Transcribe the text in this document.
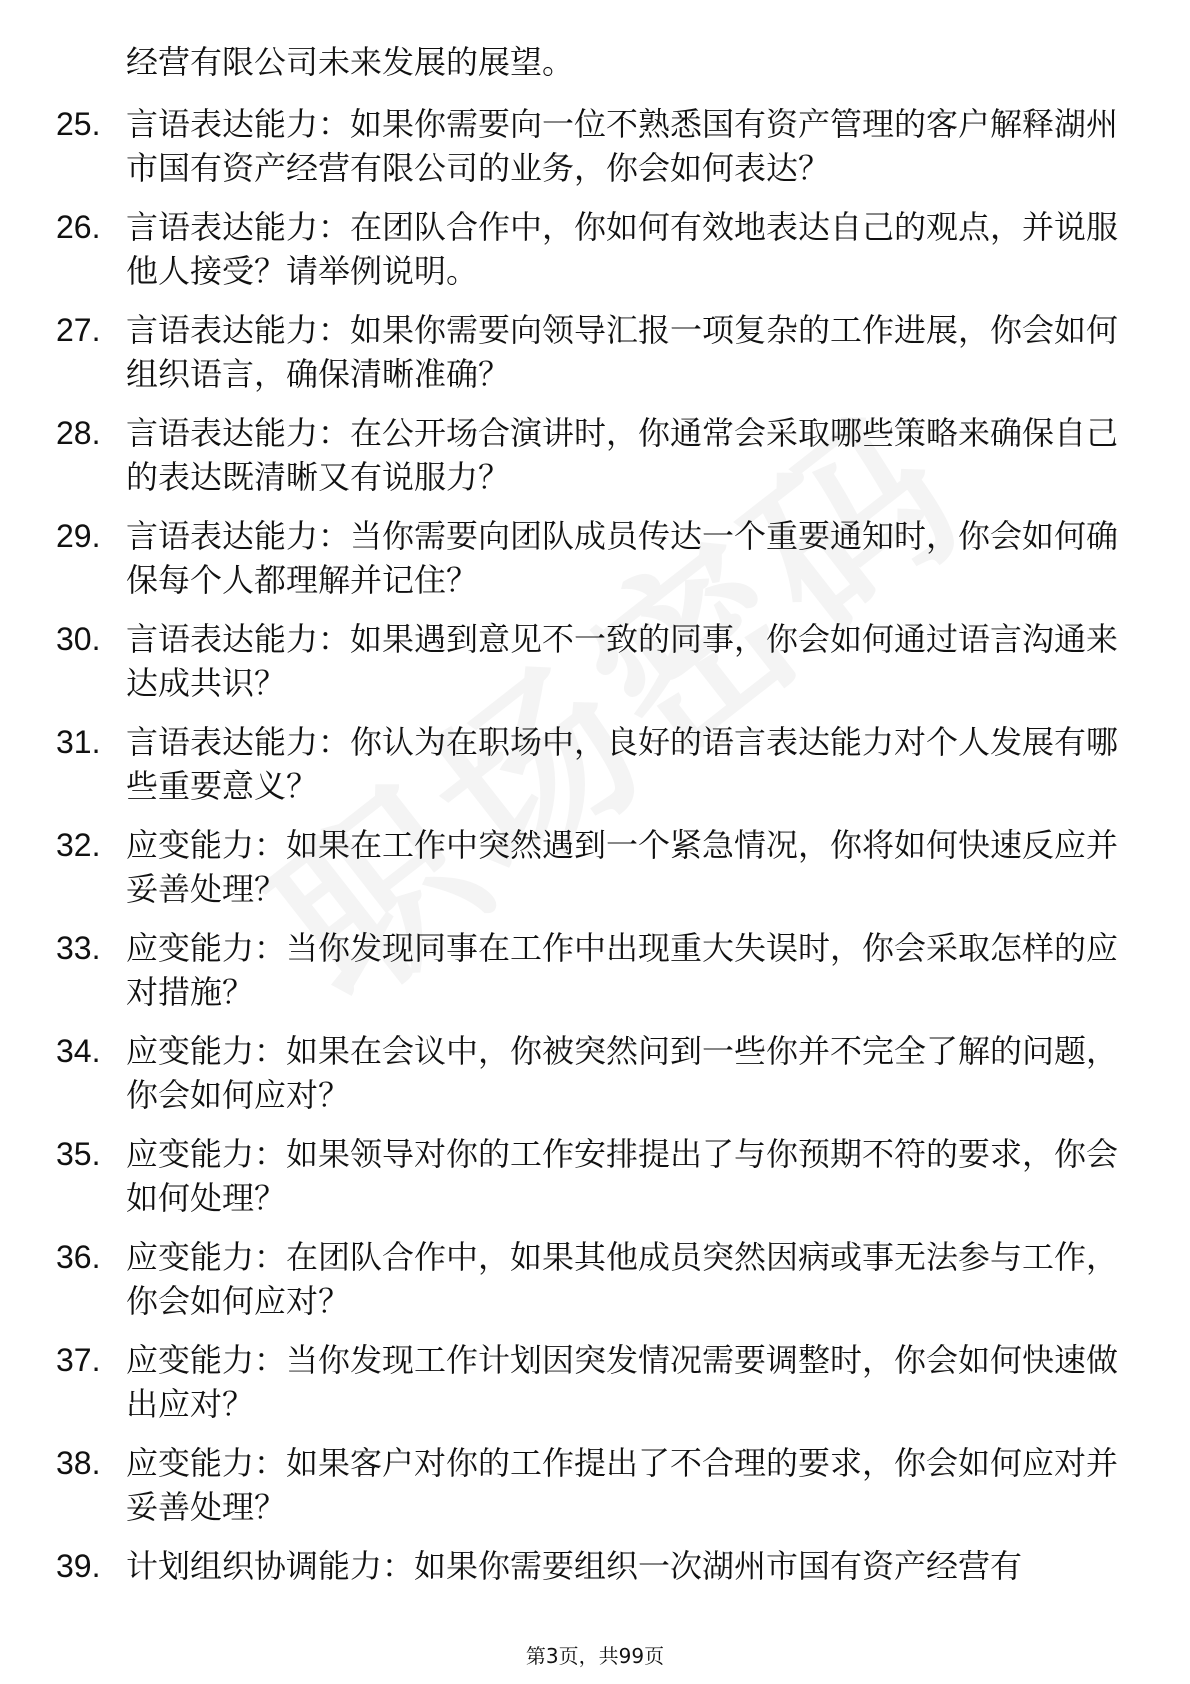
经营有限公司未来发展的展望。
25. 言语表达能力：如果你需要向一位不熟悉国有资产管理的客户解释湖州市国有资产经营有限公司的业务，你会如何表达？
26. 言语表达能力：在团队合作中，你如何有效地表达自己的观点，并说服他人接受？请举例说明。
27. 言语表达能力：如果你需要向领导汇报一项复杂的工作进展，你会如何组织语言，确保清晰准确？
28. 言语表达能力：在公开场合演讲时，你通常会采取哪些策略来确保自己的表达既清晰又有说服力？
29. 言语表达能力：当你需要向团队成员传达一个重要通知时，你会如何确保每个人都理解并记住？
30. 言语表达能力：如果遇到意见不一致的同事，你会如何通过语言沟通来达成共识？
31. 言语表达能力：你认为在职场中，良好的语言表达能力对个人发展有哪些重要意义？
32. 应变能力：如果在工作中突然遇到一个紧急情况，你将如何快速反应并妥善处理？
33. 应变能力：当你发现同事在工作中出现重大失误时，你会采取怎样的应对措施？
34. 应变能力：如果在会议中，你被突然问到一些你并不完全了解的问题，你会如何应对？
35. 应变能力：如果领导对你的工作安排提出了与你预期不符的要求，你会如何处理？
36. 应变能力：在团队合作中，如果其他成员突然因病或事无法参与工作，你会如何应对？
37. 应变能力：当你发现工作计划因突发情况需要调整时，你会如何快速做出应对？
38. 应变能力：如果客户对你的工作提出了不合理的要求，你会如何应对并妥善处理？
39. 计划组织协调能力：如果你需要组织一次湖州市国有资产经营有
第3页，共99页
